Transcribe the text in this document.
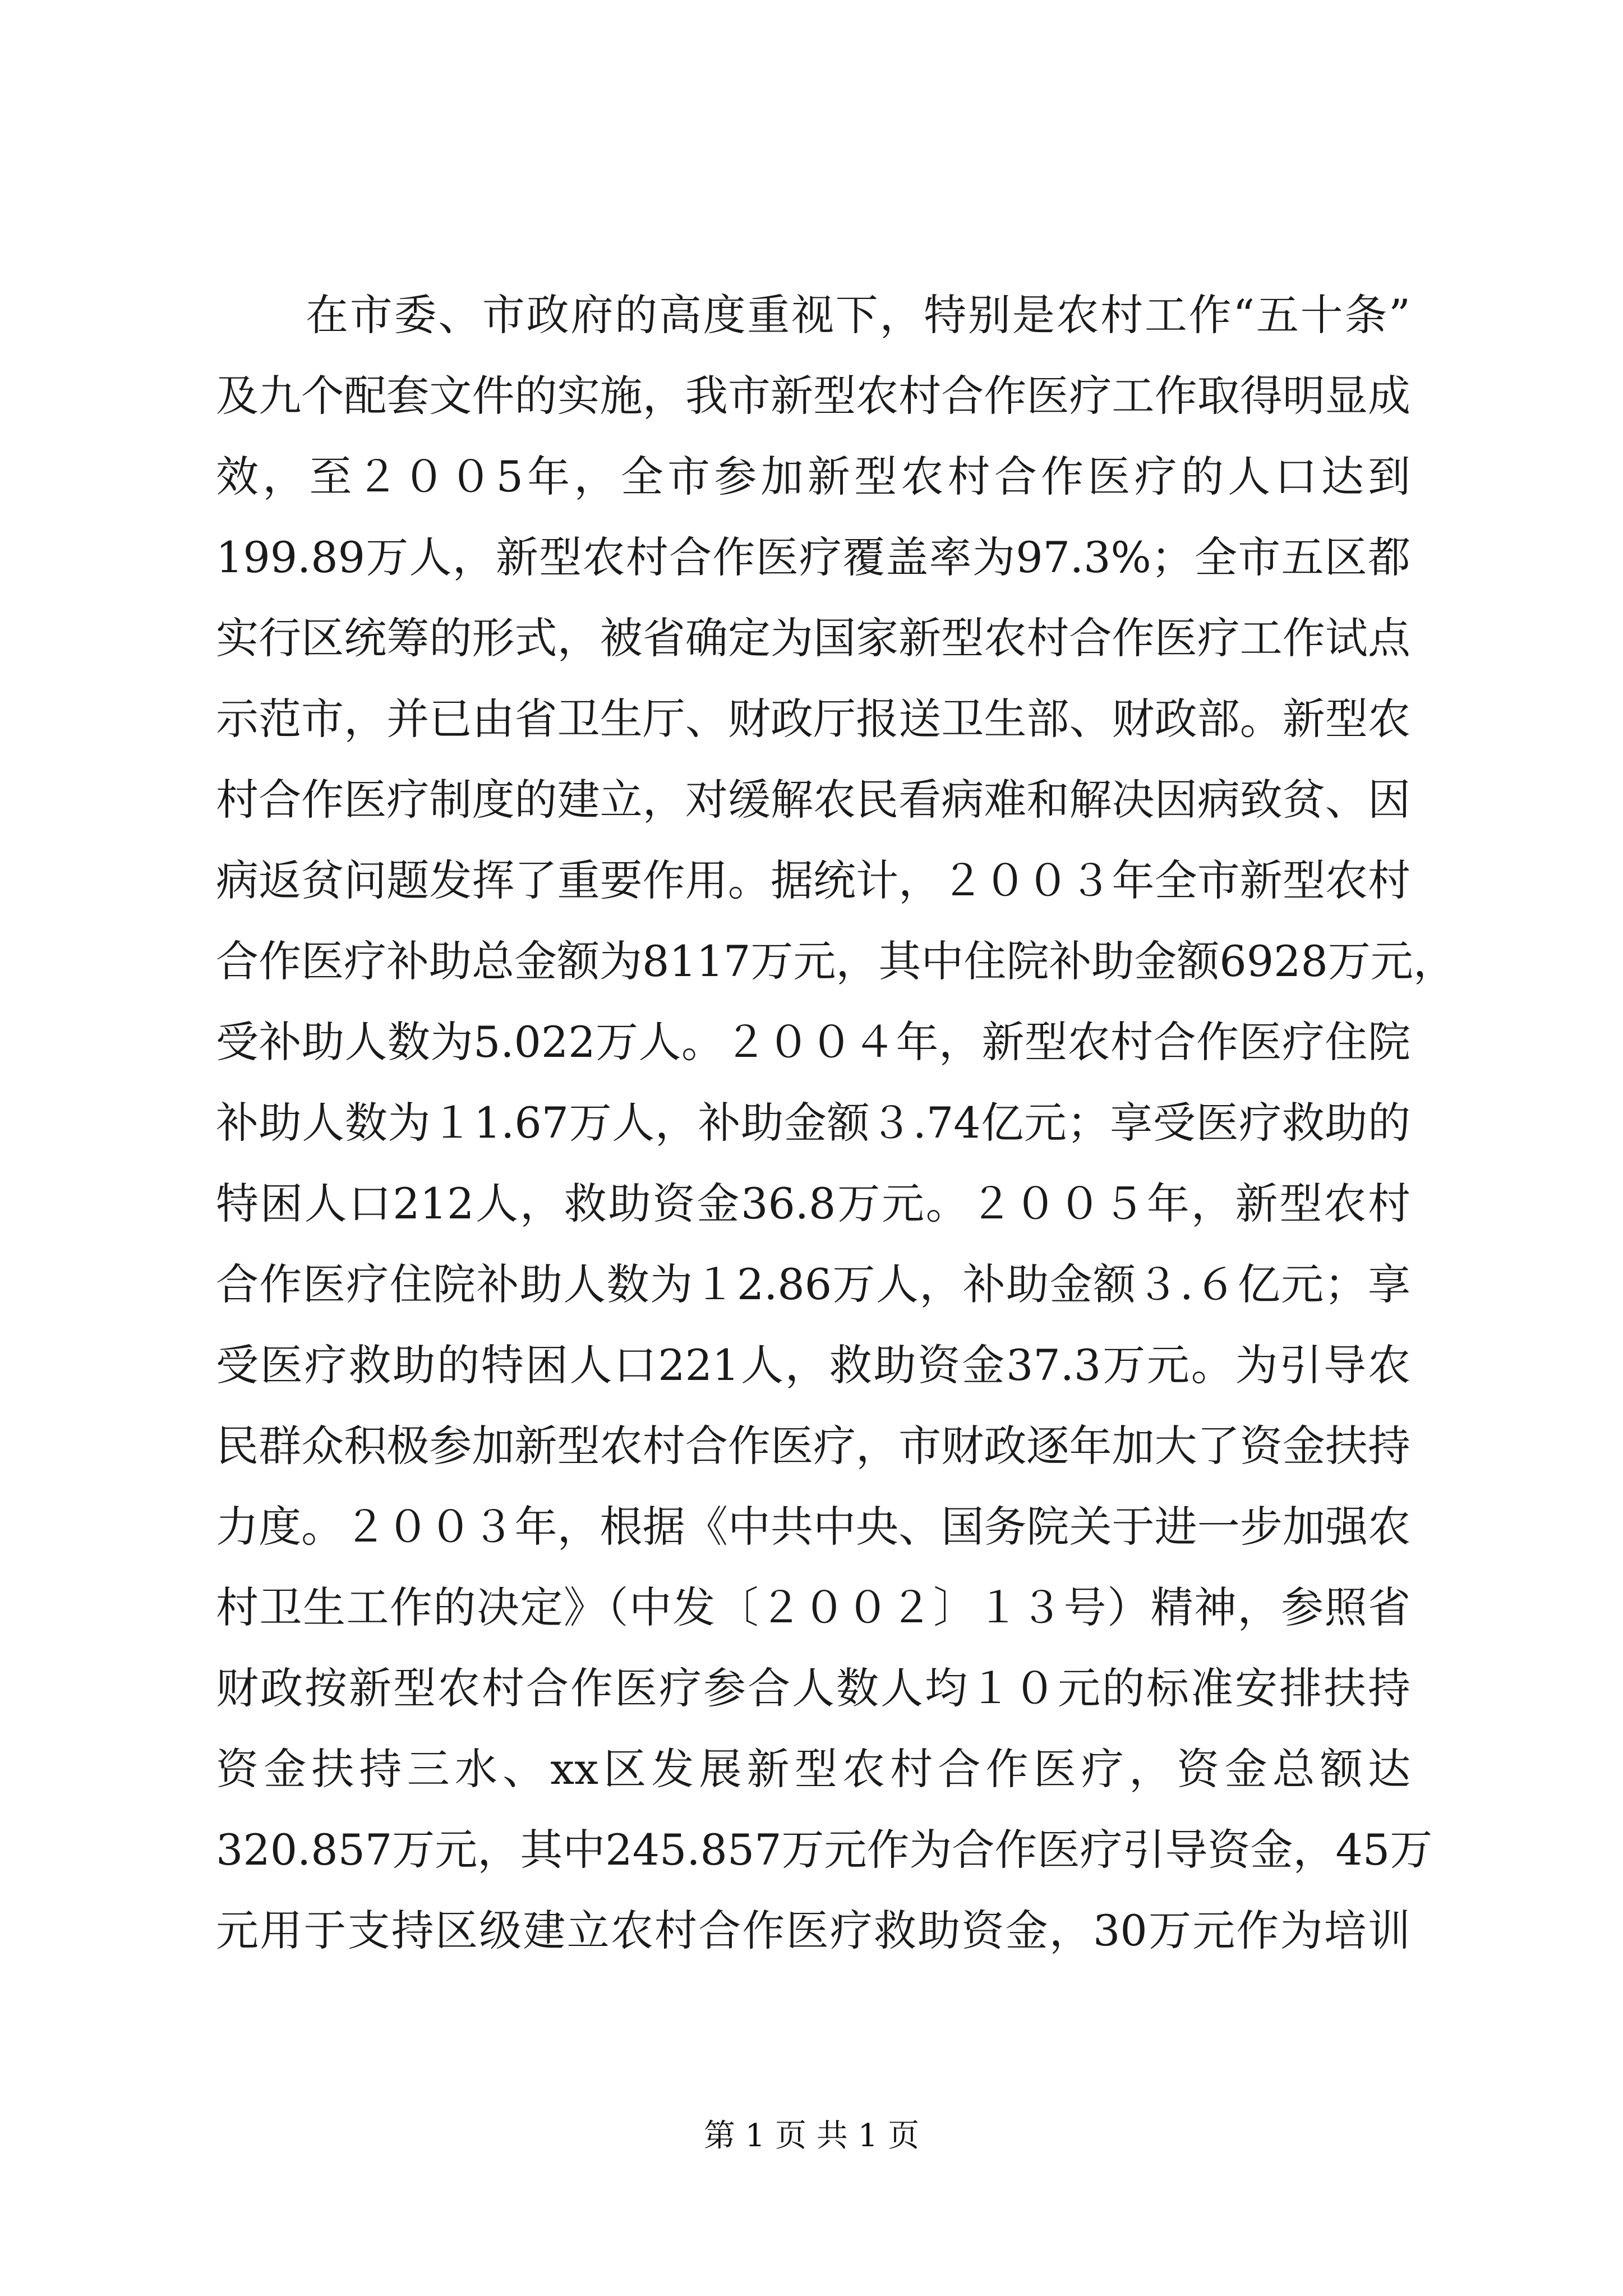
在市委、市政府的高度重视下，特别是农村工作“五十条”
及九个配套文件的实施，我市新型农村合作医疗工作取得明显成
效，至２００5年，全市参加新型农村合作医疗的人口达到
199.89万人，新型农村合作医疗覆盖率为97.3%；全市五区都
实行区统筹的形式，被省确定为国家新型农村合作医疗工作试点
示范市，并已由省卫生厅、财政厅报送卫生部、财政部。新型农
村合作医疗制度的建立，对缓解农民看病难和解决因病致贫、因
病返贫问题发挥了重要作用。据统计，２００３年全市新型农村
合作医疗补助总金额为8117万元，其中住院补助金额6928万元，
受补助人数为5.022万人。２００４年，新型农村合作医疗住院
补助人数为１1.67万人，补助金额３.74亿元；享受医疗救助的
特困人口212人，救助资金36.8万元。２００５年，新型农村
合作医疗住院补助人数为１2.86万人，补助金额３.６亿元；享
受医疗救助的特困人口221人，救助资金37.3万元。为引导农
民群众积极参加新型农村合作医疗，市财政逐年加大了资金扶持
力度。２００３年，根据《中共中央、国务院关于进一步加强农
村卫生工作的决定》（中发〔２００２〕１３号）精神，参照省
财政按新型农村合作医疗参合人数人均１０元的标准安排扶持
资金扶持三水、xx区发展新型农村合作医疗，资金总额达
320.857万元，其中245.857万元作为合作医疗引导资金，45万
元用于支持区级建立农村合作医疗救助资金，30万元作为培训
第 1 页 共 1 页
